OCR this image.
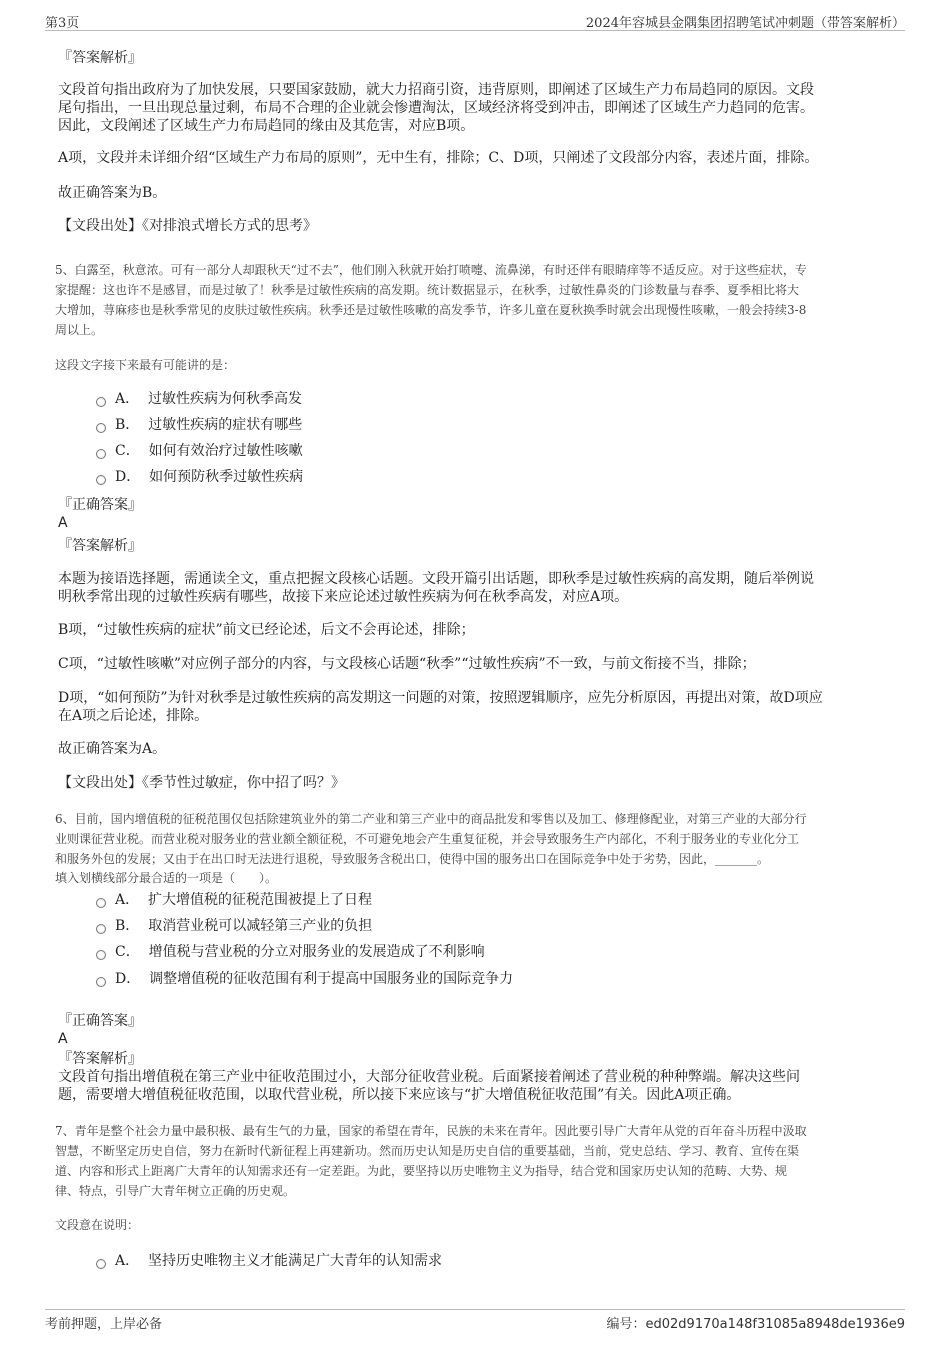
第3页	2024年容城县金隅集团招聘笔试冲刺题（带答案解析）
『答案解析』
文段首句指出政府为了加快发展，只要国家鼓励，就大力招商引资，违背原则，即阐述了区域生产力布局趋同的原因。文段
尾句指出，一旦出现总量过剩，布局不合理的企业就会惨遭淘汰，区域经济将受到冲击，即阐述了区域生产力趋同的危害。
因此，文段阐述了区域生产力布局趋同的缘由及其危害，对应B项。
A项，文段并未详细介绍“区域生产力布局的原则”，无中生有，排除；C、D项，只阐述了文段部分内容，表述片面，排除。
故正确答案为B。
【文段出处】《对排浪式增长方式的思考》
5、白露至，秋意浓。可有一部分人却跟秋天“过不去”，他们刚入秋就开始打喷嚏、流鼻涕，有时还伴有眼睛痒等不适反应。对于这些症状，专
家提醒：这也许不是感冒，而是过敏了！秋季是过敏性疾病的高发期。统计数据显示，在秋季，过敏性鼻炎的门诊数量与春季、夏季相比将大
大增加，荨麻疹也是秋季常见的皮肤过敏性疾病。秋季还是过敏性咳嗽的高发季节，许多儿童在夏秋换季时就会出现慢性咳嗽，一般会持续3-8
周以上。
这段文字接下来最有可能讲的是：
A． 过敏性疾病为何秋季高发
B． 过敏性疾病的症状有哪些
C． 如何有效治疗过敏性咳嗽
D． 如何预防秋季过敏性疾病
『正确答案』
A
『答案解析』
本题为接语选择题，需通读全文，重点把握文段核心话题。文段开篇引出话题，即秋季是过敏性疾病的高发期，随后举例说
明秋季常出现的过敏性疾病有哪些，故接下来应论述过敏性疾病为何在秋季高发，对应A项。
B项，“过敏性疾病的症状”前文已经论述，后文不会再论述，排除；
C项，“过敏性咳嗽”对应例子部分的内容，与文段核心话题“秋季”“过敏性疾病”不一致，与前文衔接不当，排除；
D项，“如何预防”为针对秋季是过敏性疾病的高发期这一问题的对策，按照逻辑顺序，应先分析原因，再提出对策，故D项应
在A项之后论述，排除。
故正确答案为A。
【文段出处】《季节性过敏症，你中招了吗？》
6、目前，国内增值税的征税范围仅包括除建筑业外的第二产业和第三产业中的商品批发和零售以及加工、修理修配业，对第三产业的大部分行
业则课征营业税。而营业税对服务业的营业额全额征税，不可避免地会产生重复征税，并会导致服务生产内部化，不利于服务业的专业化分工
和服务外包的发展；又由于在出口时无法进行退税，导致服务含税出口，使得中国的服务出口在国际竞争中处于劣势，因此，_______。
填入划横线部分最合适的一项是（　　）。
A． 扩大增值税的征税范围被提上了日程
B． 取消营业税可以减轻第三产业的负担
C． 增值税与营业税的分立对服务业的发展造成了不利影响
D． 调整增值税的征收范围有利于提高中国服务业的国际竞争力
『正确答案』
A
『答案解析』
文段首句指出增值税在第三产业中征收范围过小，大部分征收营业税。后面紧接着阐述了营业税的种种弊端。解决这些问
题，需要增大增值税征收范围，以取代营业税，所以接下来应该与“扩大增值税征收范围”有关。因此A项正确。
7、青年是整个社会力量中最积极、最有生气的力量，国家的希望在青年，民族的未来在青年。因此要引导广大青年从党的百年奋斗历程中汲取
智慧，不断坚定历史自信，努力在新时代新征程上再建新功。然而历史认知是历史自信的重要基础，当前，党史总结、学习、教育、宣传在渠
道、内容和形式上距离广大青年的认知需求还有一定差距。为此，要坚持以历史唯物主义为指导，结合党和国家历史认知的范畴、大势、规
律、特点，引导广大青年树立正确的历史观。
文段意在说明：
A． 坚持历史唯物主义才能满足广大青年的认知需求
考前押题，上岸必备	编号：ed02d9170a148f31085a8948de1936e9
